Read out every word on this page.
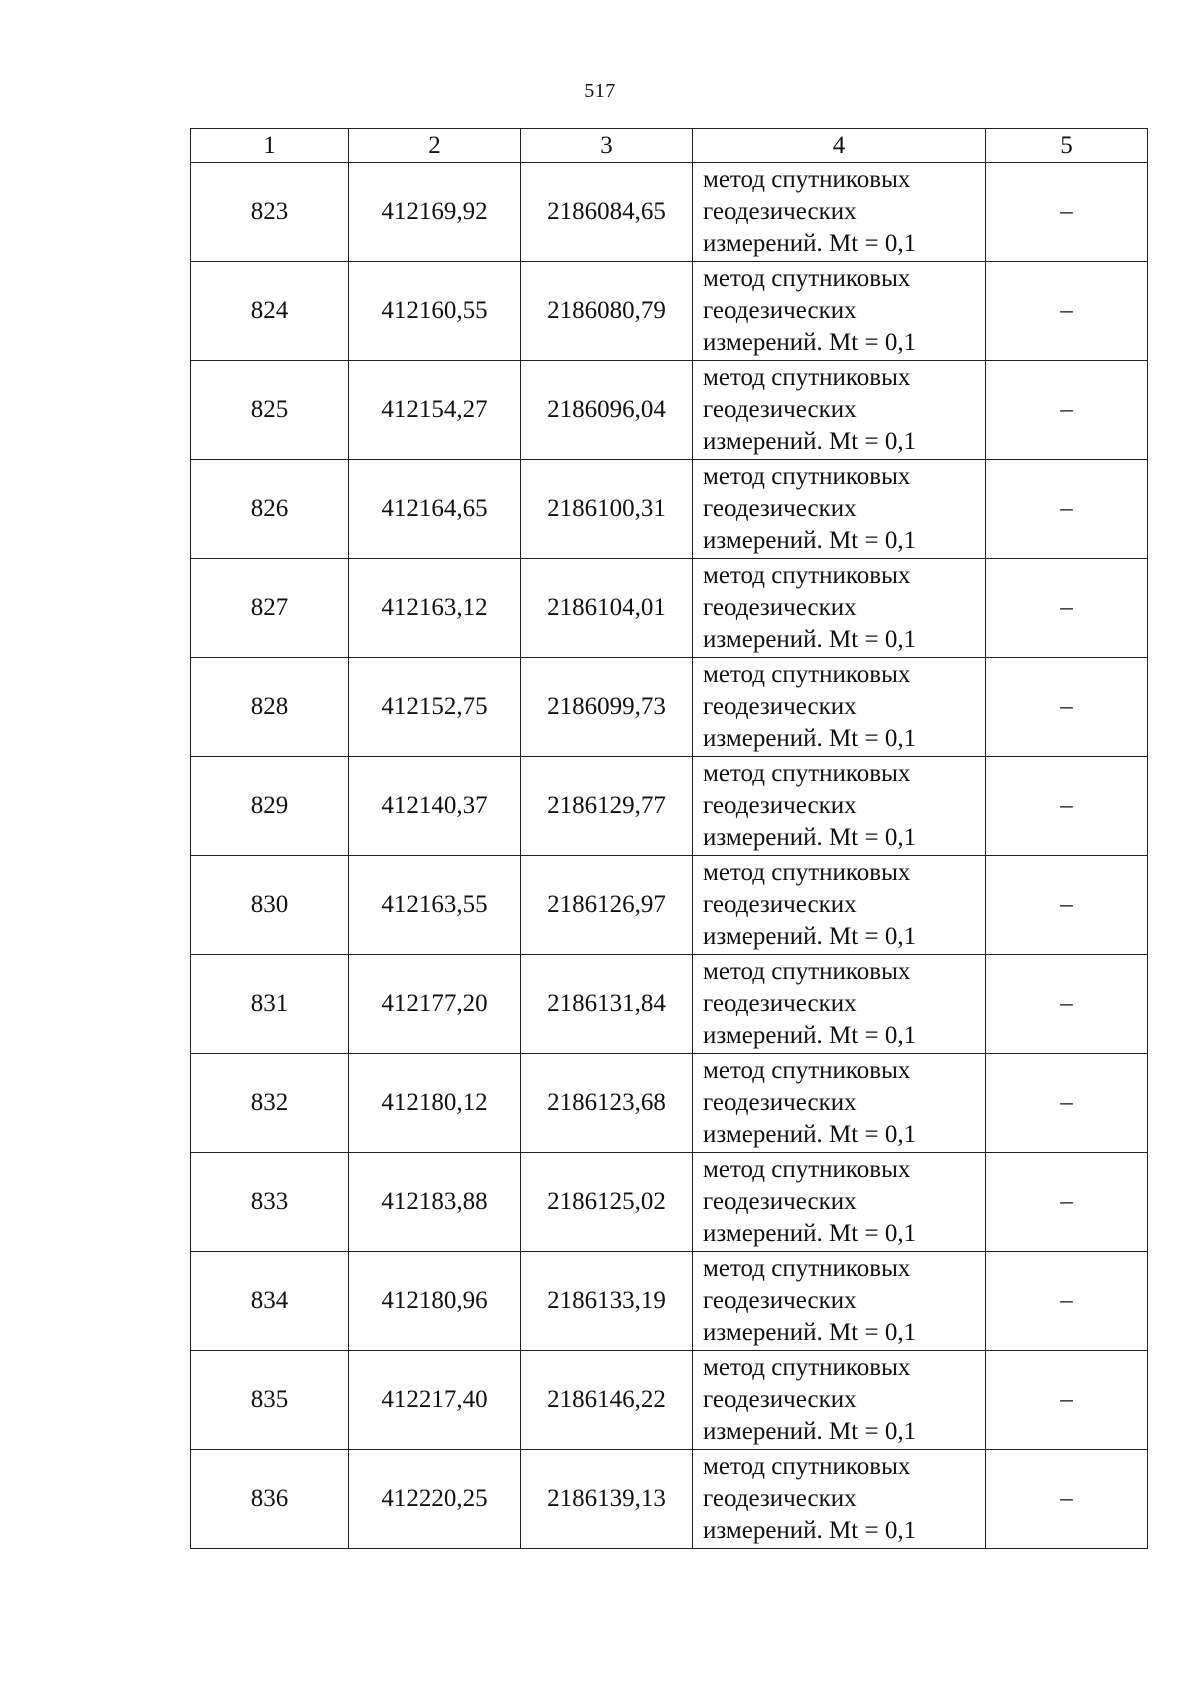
517
1	2	3	4	5
823	412169,92	2186084,65	метод спутниковых
геодезических
измерений. Mt = 0,1	–
824	412160,55	2186080,79	метод спутниковых
геодезических
измерений. Mt = 0,1	–
825	412154,27	2186096,04	метод спутниковых
геодезических
измерений. Mt = 0,1	–
826	412164,65	2186100,31	метод спутниковых
геодезических
измерений. Mt = 0,1	–
827	412163,12	2186104,01	метод спутниковых
геодезических
измерений. Mt = 0,1	–
828	412152,75	2186099,73	метод спутниковых
геодезических
измерений. Mt = 0,1	–
829	412140,37	2186129,77	метод спутниковых
геодезических
измерений. Mt = 0,1	–
830	412163,55	2186126,97	метод спутниковых
геодезических
измерений. Mt = 0,1	–
831	412177,20	2186131,84	метод спутниковых
геодезических
измерений. Mt = 0,1	–
832	412180,12	2186123,68	метод спутниковых
геодезических
измерений. Mt = 0,1	–
833	412183,88	2186125,02	метод спутниковых
геодезических
измерений. Mt = 0,1	–
834	412180,96	2186133,19	метод спутниковых
геодезических
измерений. Mt = 0,1	–
835	412217,40	2186146,22	метод спутниковых
геодезических
измерений. Mt = 0,1	–
836	412220,25	2186139,13	метод спутниковых
геодезических
измерений. Mt = 0,1	–
